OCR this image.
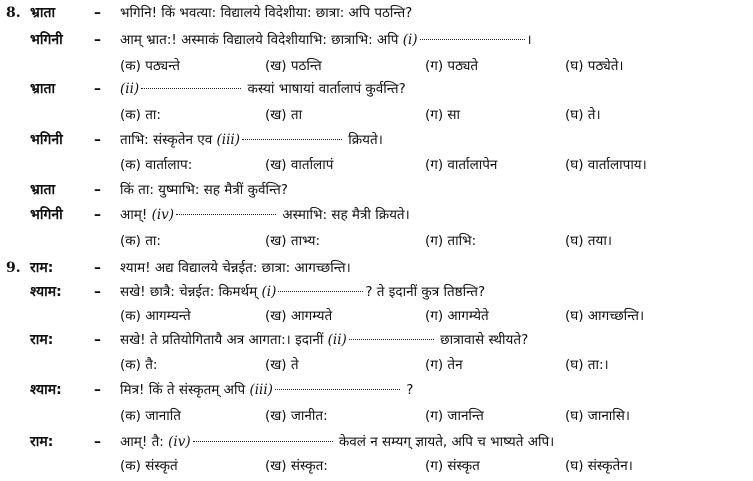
8. भ्राता	– भगिनि! किं भवत्या: विद्यालये विदेशीया: छात्रा: अपि पठन्ति?
भगिनी – आम् भ्रात:! अस्माकं विद्यालये विदेशीयाभि: छात्राभि: अपि (i)	।
(क) पठ्यन्ते	(ख) पठन्ति	(ग) पठ्यते	(घ) पठ्येते।
भ्राता	– (ii)	कस्यां भाषायां वार्तालापं कुर्वन्ति?
(क) ता:	(ख) ता	(ग) सा	(घ) ते।
भगिनी – ताभि: संस्कृतेन एव (iii)	क्रियते।
(क) वार्तालाप:	(ख) वार्तालापं	(ग) वार्तालापेन	(घ) वार्तालापाय।
भ्राता	– किं ता: युष्माभि: सह मैत्रीं कुर्वन्ति?
भगिनी – आम्! (iv)	अस्माभि: सह मैत्री क्रियते।
(क) ता:	(ख) ताभ्य:	(ग) ताभि:	(घ) तया।
9. राम:	– श्याम! अद्य विद्यालये चेन्नईत: छात्रा: आगच्छन्ति।
श्याम: – सखे! छात्रै: चेन्नईत: किमर्थम् (i)	? ते इदानीं कुत्र तिष्ठन्ति?
(क) आगम्यन्ते	(ख) आगम्यते	(ग) आगम्येते	(घ) आगच्छन्ति।
राम:	– सखे! ते प्रतियोगितायै अत्र आगता:। इदानीं (ii)	छात्रावासे स्थीयते?
(क) तै:	(ख) ते	(ग) तेन	(घ) ता:।
श्याम: – मित्र! किं ते संस्कृतम् अपि (iii)	?
(क) जानाति	(ख) जानीत:	(ग) जानन्ति	(घ) जानासि।
राम:	– आम्! तै: (iv)	केवलं न सम्यग् ज्ञायते, अपि च भाष्यते अपि।
(क) संस्कृतं	(ख) संस्कृत:	(ग) संस्कृत	(घ) संस्कृतेन।
